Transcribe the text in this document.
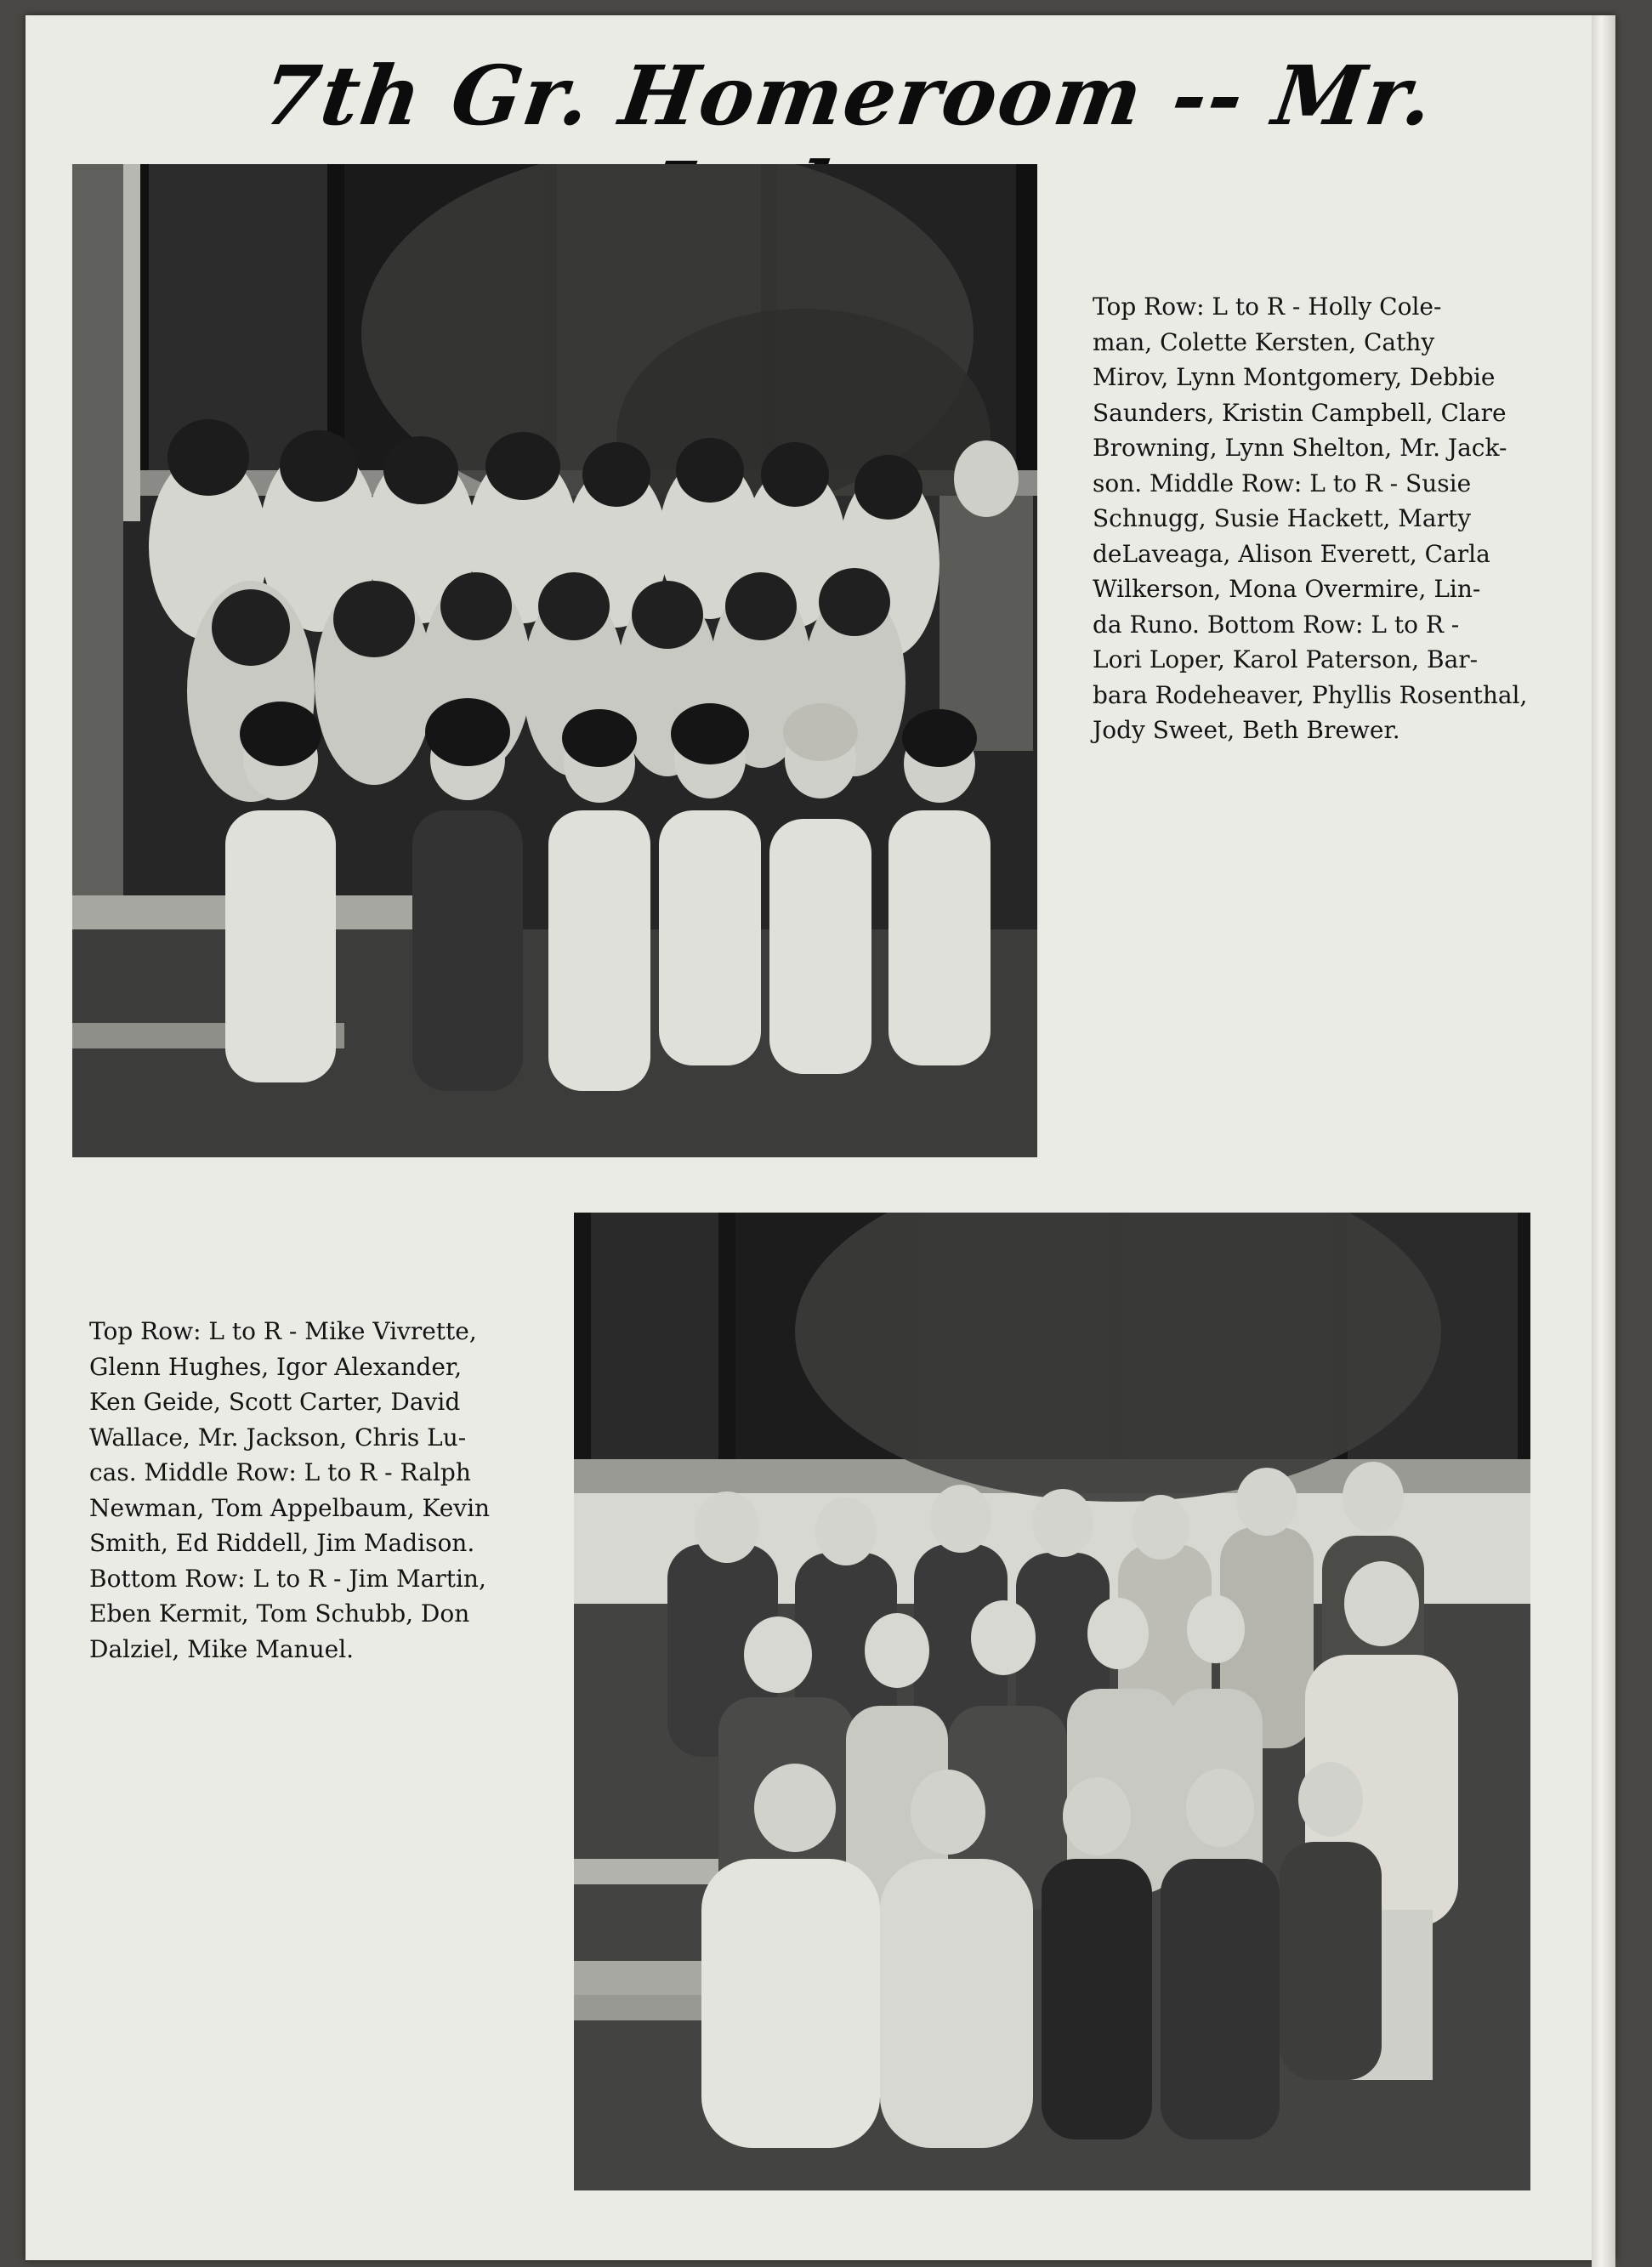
7th Gr. Homeroom -- Mr.
Top Row: L to R - Holly Cole-
man, Colette Kersten, Cathy
Mirov, Lynn Montgomery, Debbie
Saunders, Kristin Campbell, Clare
Browning, Lynn Shelton, Mr. Jack-
son. Middle Row: L to R - Susie
Schnugg, Susie Hackett, Marty
deLaveaga, Alison Everett, Carla
Wilkerson, Mona Overmire, Lin-
da Runo. Bottom Row: L to R -
Lori Loper, Karol Paterson, Bar-
bara Rodeheaver, Phyllis Rosenthal,
Jody Sweet, Beth Brewer.
Top Row: L to R - Mike Vivrette,
Glenn Hughes, Igor Alexander,
Ken Geide, Scott Carter, David
Wallace, Mr. Jackson, Chris Lu-
cas. Middle Row: L to R - Ralph
Newman, Tom Appelbaum, Kevin
Smith, Ed Riddell, Jim Madison.
Bottom Row: L to R - Jim Martin,
Eben Kermit, Tom Schubb, Don
Dalziel, Mike Manuel.
